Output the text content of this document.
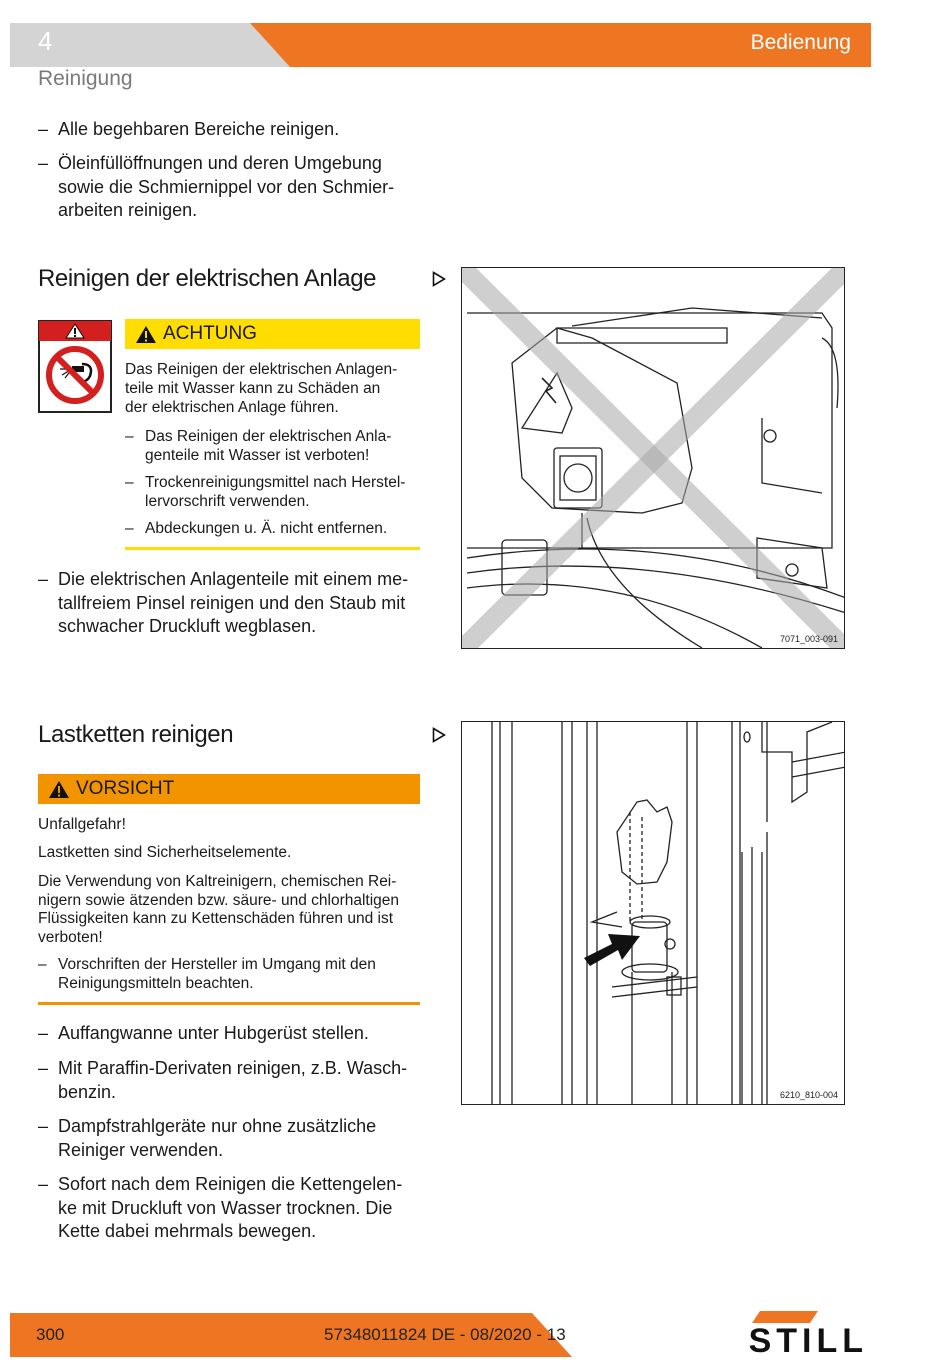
4	Bedienung
Reinigung
– Alle begehbaren Bereiche reinigen.
– Öleinfüllöffnungen und deren Umgebung
sowie die Schmiernippel vor den Schmier-
arbeiten reinigen.
Reinigen der elektrischen Anlage
ACHTUNG
Das Reinigen der elektrischen Anlagen-
teile mit Wasser kann zu Schäden an
der elektrischen Anlage führen.
– Das Reinigen der elektrischen Anla-
genteile mit Wasser ist verboten!
– Trockenreinigungsmittel nach Herstel-
lervorschrift verwenden.
– Abdeckungen u. Ä. nicht entfernen.
– Die elektrischen Anlagenteile mit einem me-
tallfreiem Pinsel reinigen und den Staub mit
schwacher Druckluft wegblasen.
7071_003-091
Lastketten reinigen
VORSICHT
Unfallgefahr!
Lastketten sind Sicherheitselemente.
Die Verwendung von Kaltreinigern, chemischen Rei-
nigern sowie ätzenden bzw. säure- und chlorhaltigen
Flüssigkeiten kann zu Kettenschäden führen und ist
verboten!
– Vorschriften der Hersteller im Umgang mit den
Reinigungsmitteln beachten.
– Auffangwanne unter Hubgerüst stellen.
– Mit Paraffin-Derivaten reinigen, z.B. Wasch-
benzin.
– Dampfstrahlgeräte nur ohne zusätzliche
Reiniger verwenden.
– Sofort nach dem Reinigen die Kettengelen-
ke mit Druckluft von Wasser trocknen. Die
Kette dabei mehrmals bewegen.
6210_810-004
300	57348011824 DE - 08/2020 - 13	STILL
